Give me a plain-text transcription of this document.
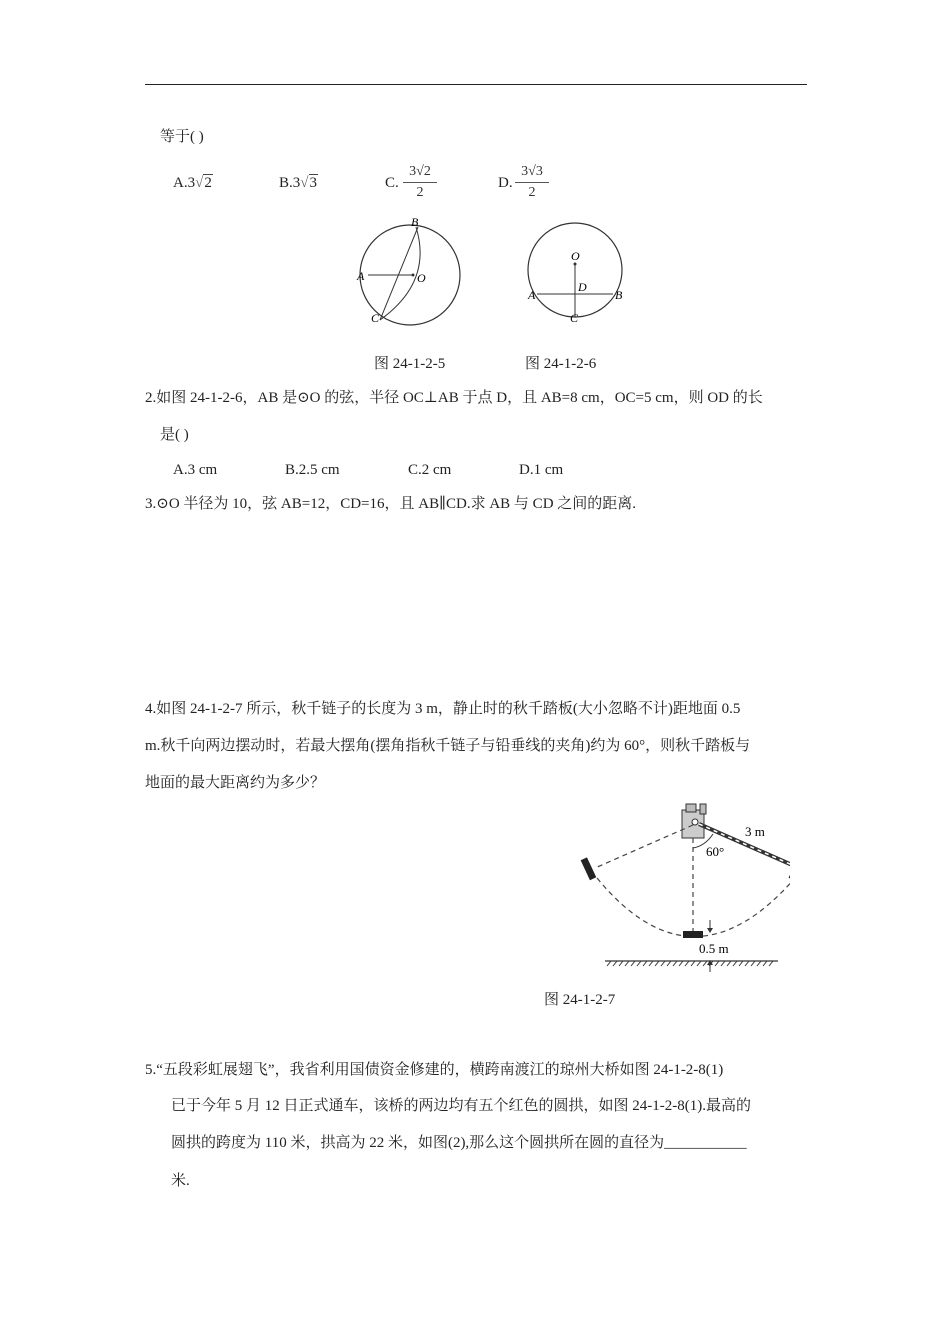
等于( )
A.3√2	B.3√3	C.
3√2
2
D.
3√3
2
B
A	O
C
O
A
D
B
C
图 24-1-2-5	图 24-1-2-6
2.如图 24-1-2-6，AB 是⊙O 的弦，半径 OC⊥AB 于点 D，且 AB=8 cm，OC=5 cm，则 OD 的长
是( )
A.3 cm	B.2.5 cm	C.2 cm	D.1 cm
3.⊙O 半径为 10，弦 AB=12，CD=16，且 AB∥CD.求 AB 与 CD 之间的距离.
4.如图 24-1-2-7 所示，秋千链子的长度为 3 m，静止时的秋千踏板(大小忽略不计)距地面 0.5
m.秋千向两边摆动时，若最大摆角(摆角指秋千链子与铅垂线的夹角)约为 60°，则秋千踏板与
地面的最大距离约为多少？
3 m
60°
0.5 m
图 24-1-2-7
5.“五段彩虹展翅飞”，我省利用国债资金修建的，横跨南渡江的琼州大桥如图 24-1-2-8(1)
已于今年 5 月 12 日正式通车，该桥的两边均有五个红色的圆拱，如图 24-1-2-8(1).最高的
圆拱的跨度为 110 米，拱高为 22 米，如图(2),那么这个圆拱所在圆的直径为___________
米.
